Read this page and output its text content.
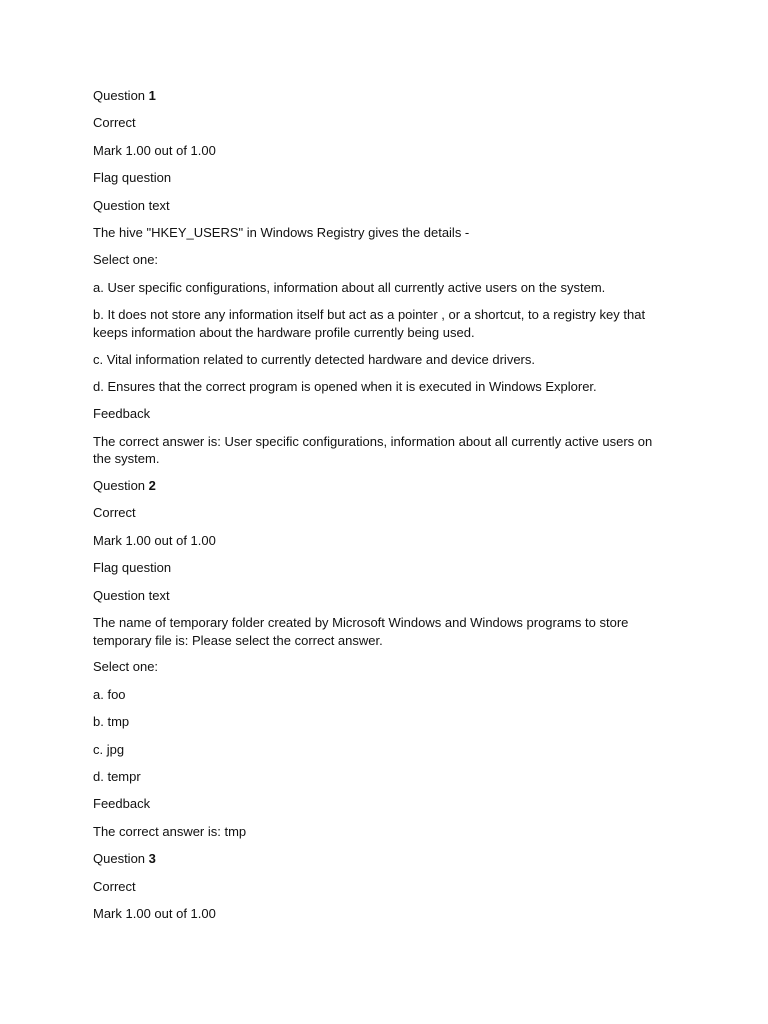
Question 1

Correct

Mark 1.00 out of 1.00

Flag question

Question text

The hive "HKEY_USERS" in Windows Registry gives the details -

Select one:

a. User specific configurations, information about all currently active users on the system.

b. It does not store any information itself but act as a pointer , or a shortcut, to a registry key that keeps information about the hardware profile currently being used.

c. Vital information related to currently detected hardware and device drivers.

d. Ensures that the correct program is opened when it is executed in Windows Explorer.

Feedback

The correct answer is: User specific configurations, information about all currently active users on the system.

Question 2

Correct

Mark 1.00 out of 1.00

Flag question

Question text

The name of temporary folder created by Microsoft Windows and Windows programs to store temporary file is: Please select the correct answer.

Select one:

a. foo

b. tmp

c. jpg

d. tempr

Feedback

The correct answer is: tmp

Question 3

Correct

Mark 1.00 out of 1.00
